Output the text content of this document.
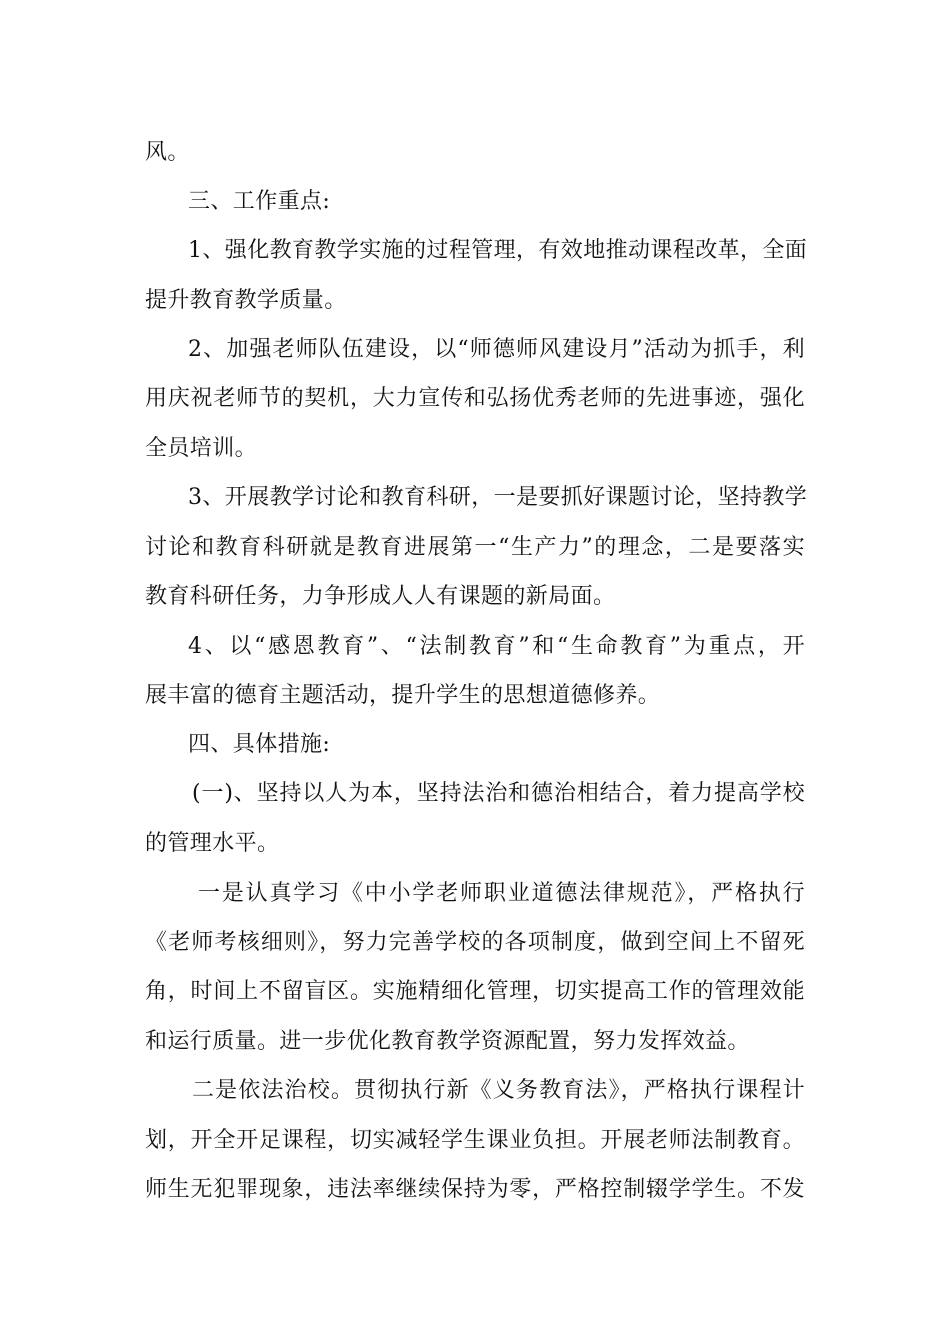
风。
三、工作重点:
1、强化教育教学实施的过程管理，有效地推动课程改革，全面
提升教育教学质量。
2、加强老师队伍建设，以“师德师风建设月”活动为抓手，利
用庆祝老师节的契机，大力宣传和弘扬优秀老师的先进事迹，强化
全员培训。
3、开展教学讨论和教育科研，一是要抓好课题讨论，坚持教学
讨论和教育科研就是教育进展第一“生产力”的理念，二是要落实
教育科研任务，力争形成人人有课题的新局面。
4、以“感恩教育”、“法制教育”和“生命教育”为重点，开
展丰富的德育主题活动，提升学生的思想道德修养。
四、具体措施:
(一)、坚持以人为本，坚持法治和德治相结合，着力提高学校
的管理水平。
一是认真学习《中小学老师职业道德法律规范》，严格执行
《老师考核细则》，努力完善学校的各项制度，做到空间上不留死
角，时间上不留盲区。实施精细化管理，切实提高工作的管理效能
和运行质量。进一步优化教育教学资源配置，努力发挥效益。
二是依法治校。贯彻执行新《义务教育法》，严格执行课程计
划，开全开足课程，切实减轻学生课业负担。开展老师法制教育。
师生无犯罪现象，违法率继续保持为零，严格控制辍学学生。不发
